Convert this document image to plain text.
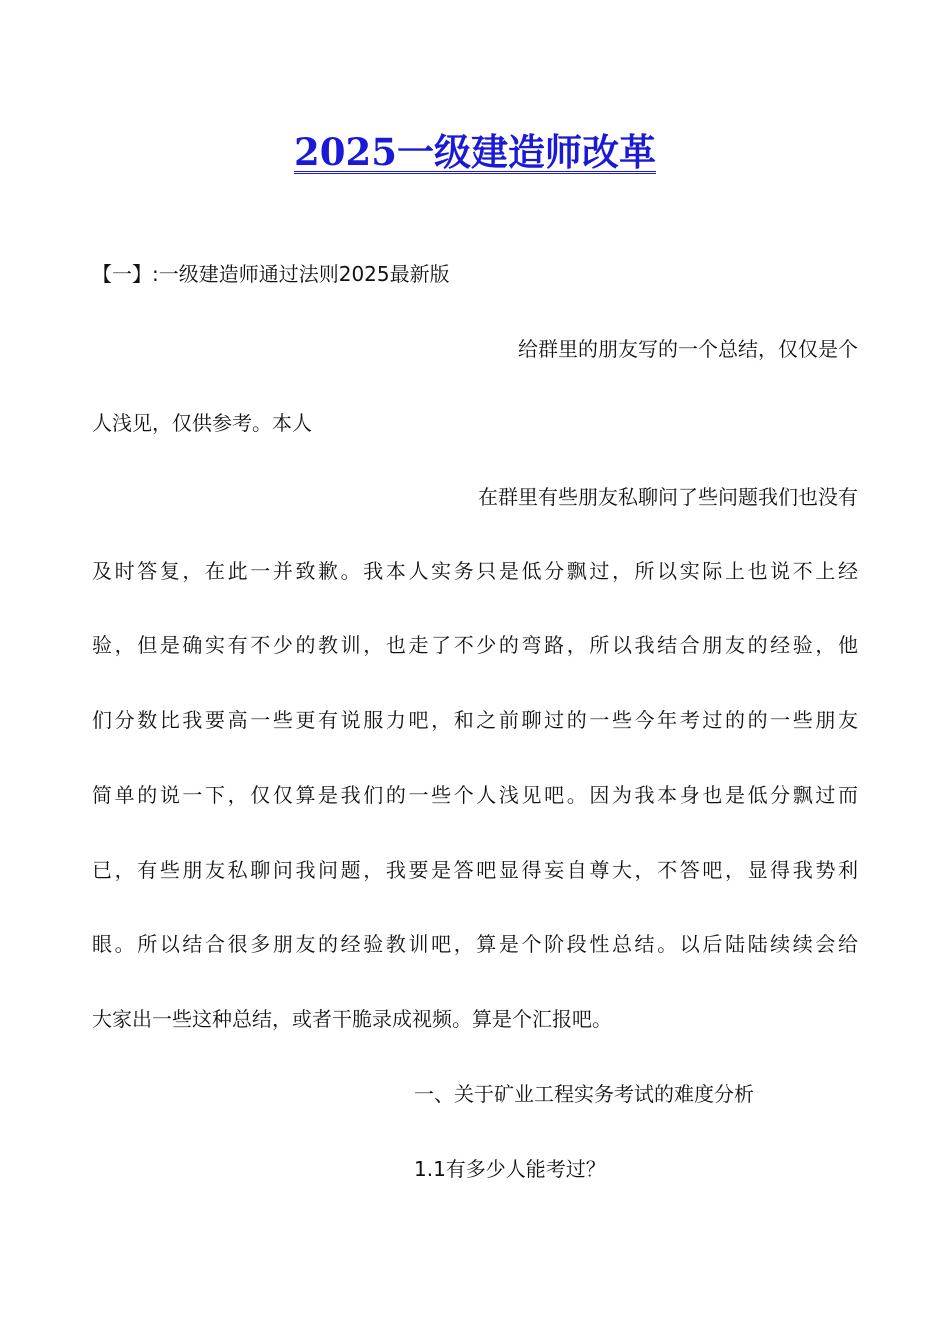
2025一级建造师改革
【一】:一级建造师通过法则2025最新版
给群里的朋友写的一个总结，仅仅是个
人浅见，仅供参考。本人
在群里有些朋友私聊问了些问题我们也没有
及时答复，在此一并致歉。我本人实务只是低分飘过，所以实际上也说不上经
验，但是确实有不少的教训，也走了不少的弯路，所以我结合朋友的经验，他
们分数比我要高一些更有说服力吧，和之前聊过的一些今年考过的的一些朋友
简单的说一下，仅仅算是我们的一些个人浅见吧。因为我本身也是低分飘过而
已，有些朋友私聊问我问题，我要是答吧显得妄自尊大，不答吧，显得我势利
眼。所以结合很多朋友的经验教训吧，算是个阶段性总结。以后陆陆续续会给
大家出一些这种总结，或者干脆录成视频。算是个汇报吧。
一、关于矿业工程实务考试的难度分析
1.1有多少人能考过？
